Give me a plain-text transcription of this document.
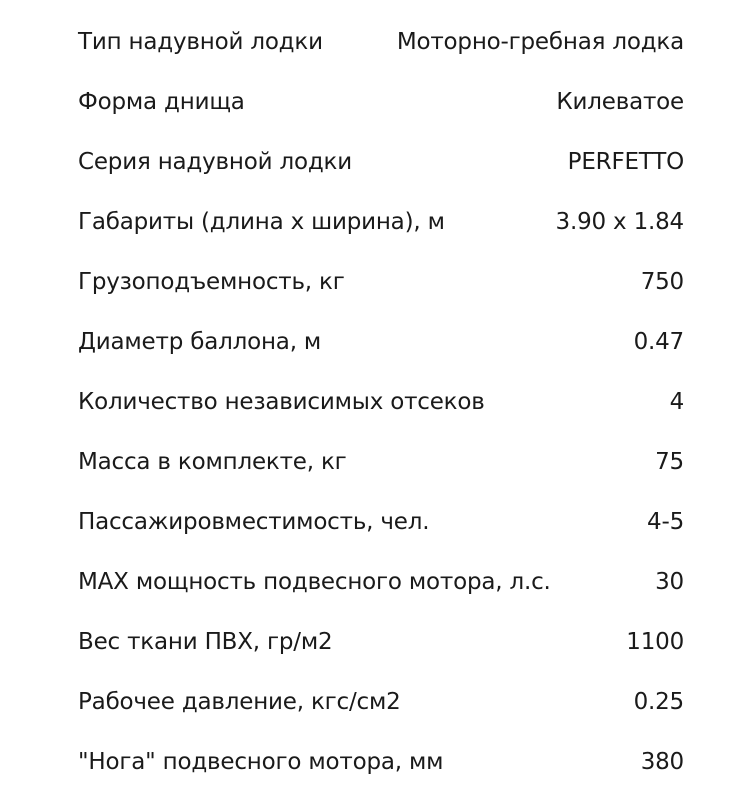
Тип надувной лодки	Моторно-гребная лодка
Форма днища	Килеватое
Серия надувной лодки	PERFETTO
Габариты (длина х ширина), м	3.90 х 1.84
Грузоподъемность, кг	750
Диаметр баллона, м	0.47
Количество независимых отсеков	4
Масса в комплекте, кг	75
Пассажировместимость, чел.	4-5
MAX мощность подвесного мотора, л.с.	30
Вес ткани ПВХ, гр/м2	1100
Рабочее давление, кгс/см2	0.25
"Нога" подвесного мотора, мм	380
